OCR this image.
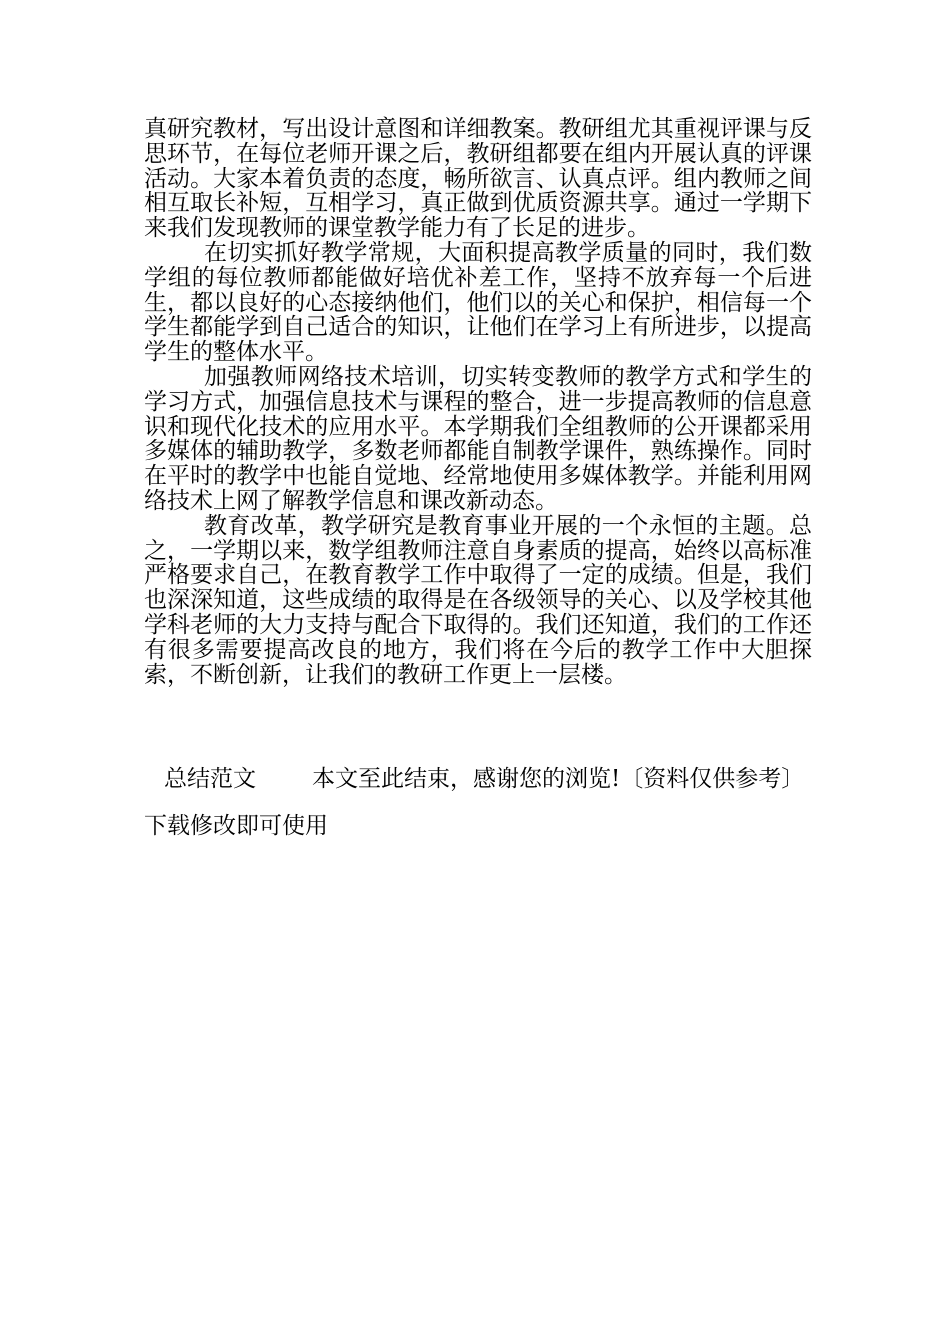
真研究教材，写出设计意图和详细教案。教研组尤其重视评课与反思环节，在每位老师开课之后，教研组都要在组内开展认真的评课活动。大家本着负责的态度，畅所欲言、认真点评。组内教师之间相互取长补短，互相学习，真正做到优质资源共享。通过一学期下来我们发现教师的课堂教学能力有了长足的进步。

在切实抓好教学常规，大面积提高教学质量的同时，我们数学组的每位教师都能做好培优补差工作，坚持不放弃每一个后进生，都以良好的心态接纳他们，他们以的关心和保护，相信每一个学生都能学到自己适合的知识，让他们在学习上有所进步，以提高学生的整体水平。

加强教师网络技术培训，切实转变教师的教学方式和学生的学习方式，加强信息技术与课程的整合，进一步提高教师的信息意识和现代化技术的应用水平。本学期我们全组教师的公开课都采用多媒体的辅助教学，多数老师都能自制教学课件，熟练操作。同时在平时的教学中也能自觉地、经常地使用多媒体教学。并能利用网络技术上网了解教学信息和课改新动态。

教育改革，教学研究是教育事业开展的一个永恒的主题。总之，一学期以来，数学组教师注意自身素质的提高，始终以高标准严格要求自己，在教育教学工作中取得了一定的成绩。但是，我们也深深知道，这些成绩的取得是在各级领导的关心、以及学校其他学科老师的大力支持与配合下取得的。我们还知道，我们的工作还有很多需要提高改良的地方，我们将在今后的教学工作中大胆探索，不断创新，让我们的教研工作更上一层楼。

总结范文 本文至此结束，感谢您的浏览!〔资料仅供参考〕下载修改即可使用
